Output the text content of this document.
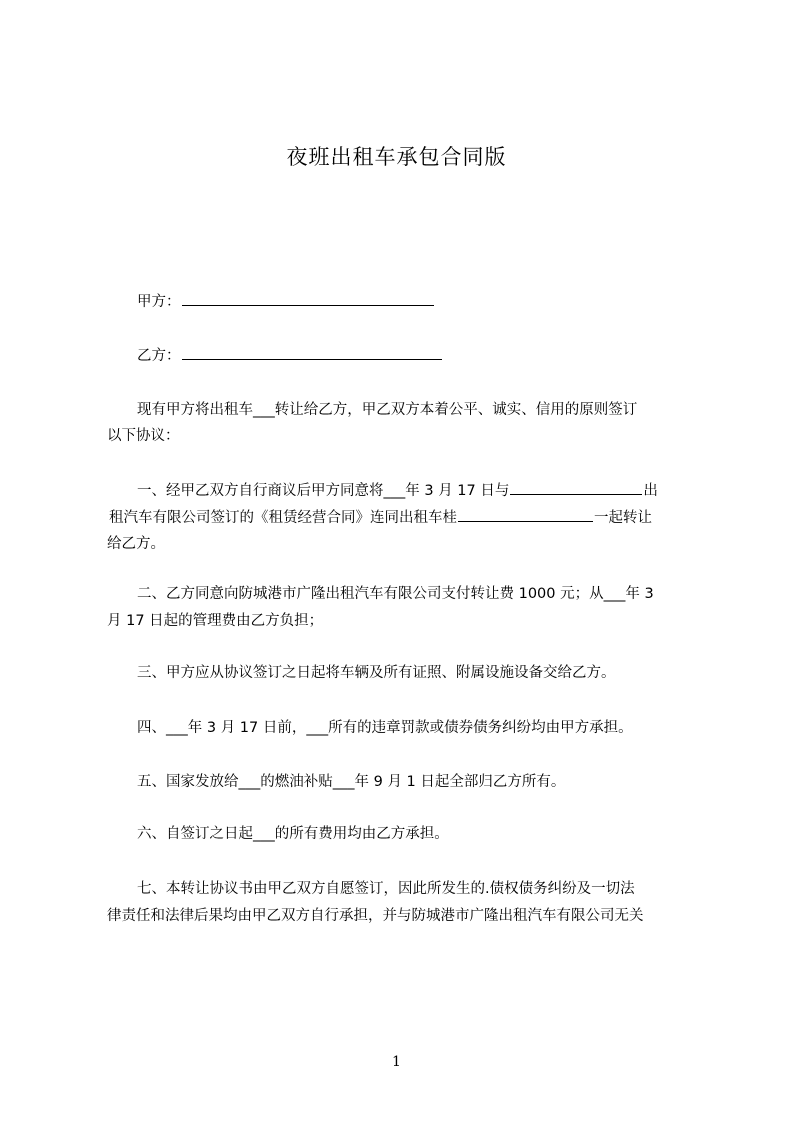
夜班出租车承包合同版
甲方：
乙方：
现有甲方将出租车___转让给乙方，甲乙双方本着公平、诚实、信用的原则签订
以下协议：
一、经甲乙双方自行商议后甲方同意将___年 3 月 17 日与	出
租汽车有限公司签订的《租赁经营合同》连同出租车桂	一起转让
给乙方。
二、乙方同意向防城港市广隆出租汽车有限公司支付转让费 1000 元；从___年 3
月 17 日起的管理费由乙方负担；
三、甲方应从协议签订之日起将车辆及所有证照、附属设施设备交给乙方。
四、___年 3 月 17 日前，___所有的违章罚款或债券债务纠纷均由甲方承担。
五、国家发放给___的燃油补贴___年 9 月 1 日起全部归乙方所有。
六、自签订之日起___的所有费用均由乙方承担。
七、本转让协议书由甲乙双方自愿签订，因此所发生的.债权债务纠纷及一切法
律责任和法律后果均由甲乙双方自行承担，并与防城港市广隆出租汽车有限公司无关
1
